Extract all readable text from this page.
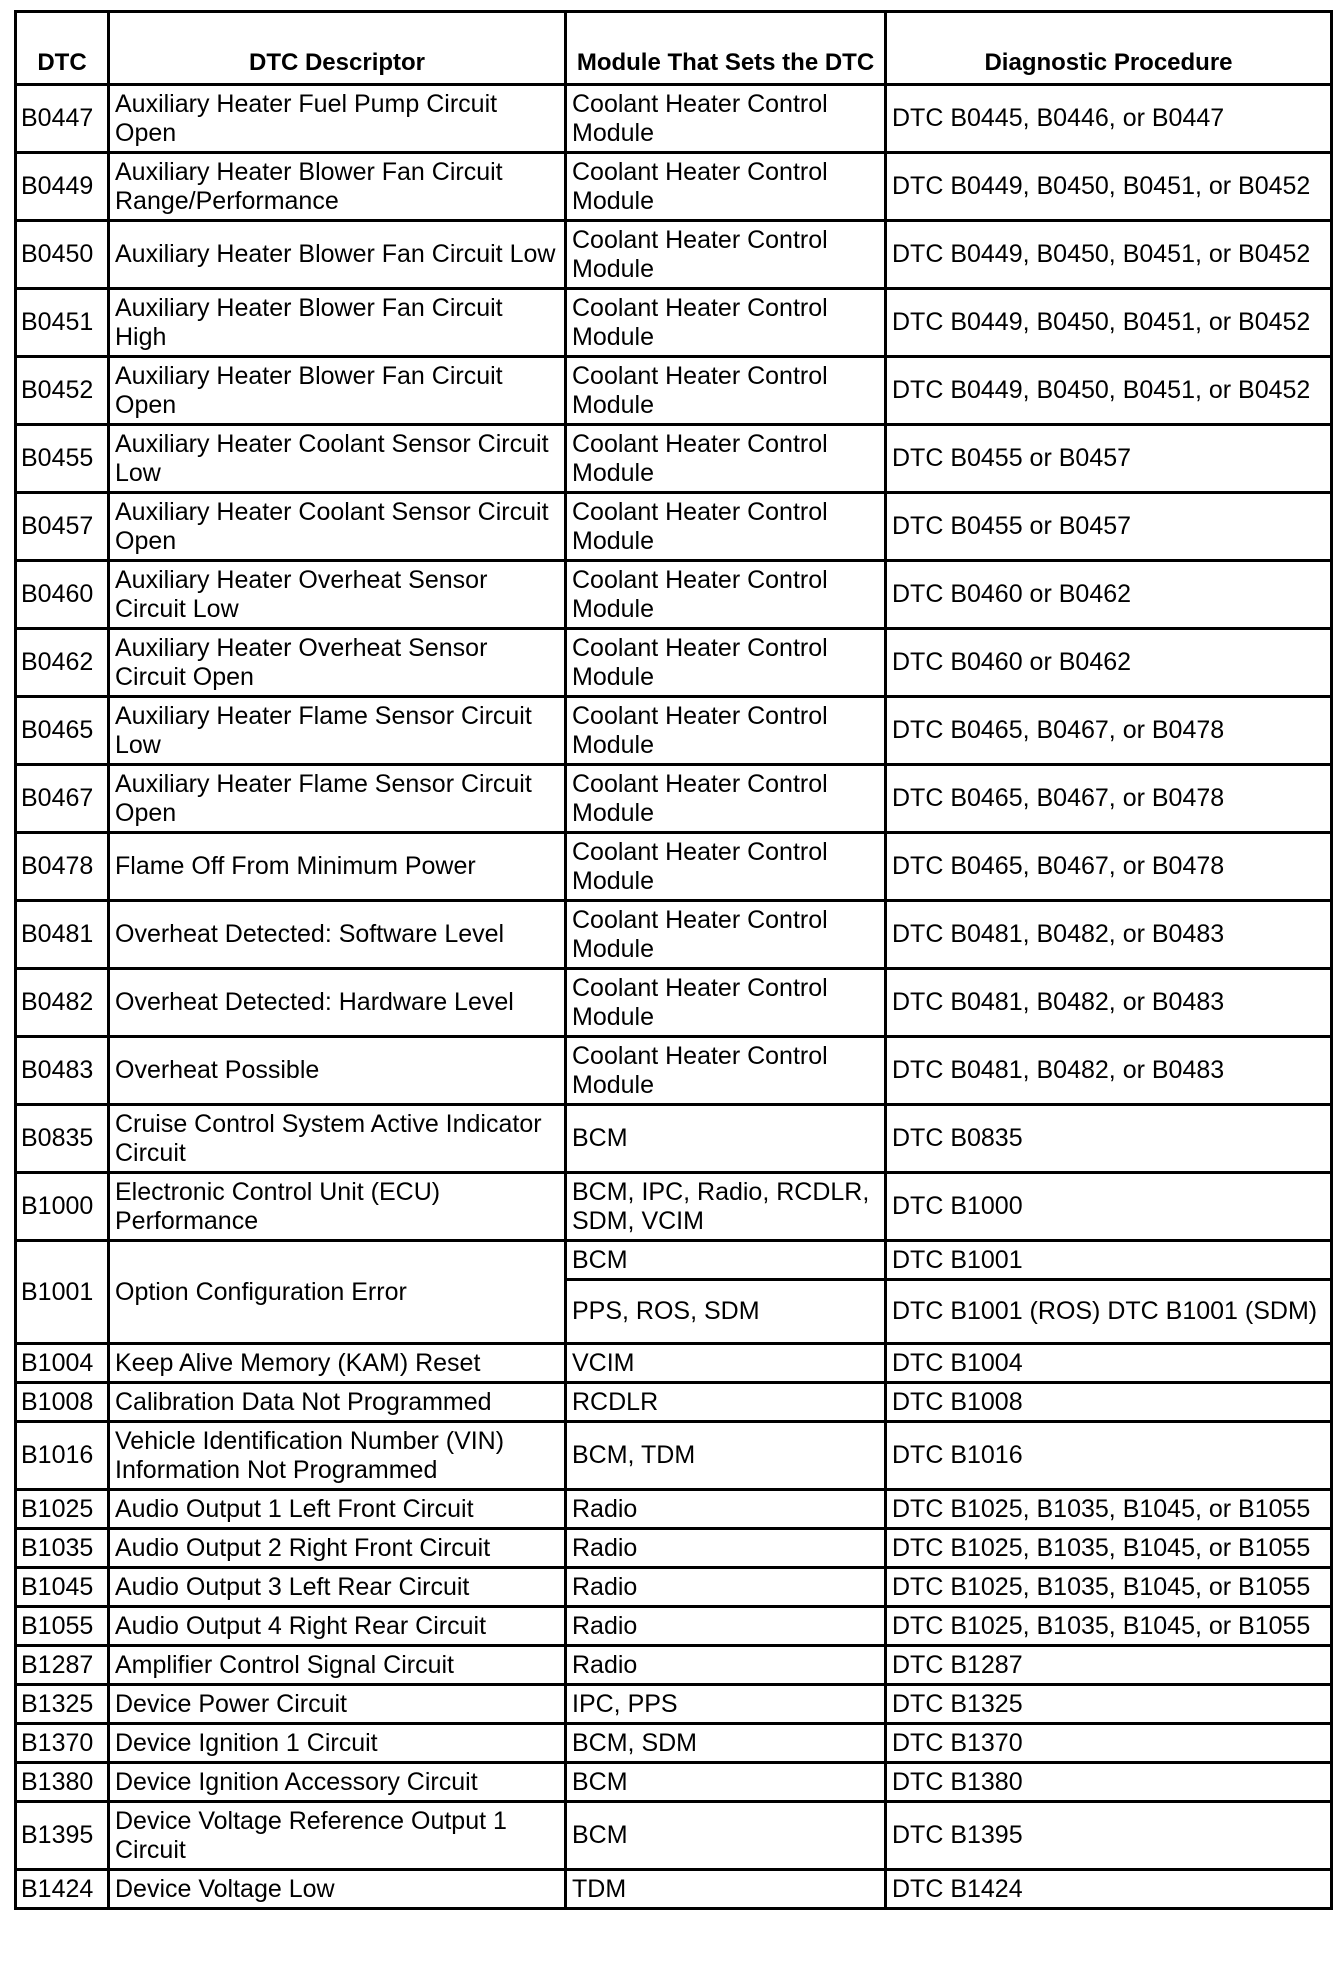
DTC	DTC Descriptor	Module That Sets the DTC	Diagnostic Procedure
B0447	Auxiliary Heater Fuel Pump Circuit Open	Coolant Heater Control Module	DTC B0445, B0446, or B0447
B0449	Auxiliary Heater Blower Fan Circuit Range/Performance	Coolant Heater Control Module	DTC B0449, B0450, B0451, or B0452
B0450	Auxiliary Heater Blower Fan Circuit Low	Coolant Heater Control Module	DTC B0449, B0450, B0451, or B0452
B0451	Auxiliary Heater Blower Fan Circuit High	Coolant Heater Control Module	DTC B0449, B0450, B0451, or B0452
B0452	Auxiliary Heater Blower Fan Circuit Open	Coolant Heater Control Module	DTC B0449, B0450, B0451, or B0452
B0455	Auxiliary Heater Coolant Sensor Circuit Low	Coolant Heater Control Module	DTC B0455 or B0457
B0457	Auxiliary Heater Coolant Sensor Circuit Open	Coolant Heater Control Module	DTC B0455 or B0457
B0460	Auxiliary Heater Overheat Sensor Circuit Low	Coolant Heater Control Module	DTC B0460 or B0462
B0462	Auxiliary Heater Overheat Sensor Circuit Open	Coolant Heater Control Module	DTC B0460 or B0462
B0465	Auxiliary Heater Flame Sensor Circuit Low	Coolant Heater Control Module	DTC B0465, B0467, or B0478
B0467	Auxiliary Heater Flame Sensor Circuit Open	Coolant Heater Control Module	DTC B0465, B0467, or B0478
B0478	Flame Off From Minimum Power	Coolant Heater Control Module	DTC B0465, B0467, or B0478
B0481	Overheat Detected: Software Level	Coolant Heater Control Module	DTC B0481, B0482, or B0483
B0482	Overheat Detected: Hardware Level	Coolant Heater Control Module	DTC B0481, B0482, or B0483
B0483	Overheat Possible	Coolant Heater Control Module	DTC B0481, B0482, or B0483
B0835	Cruise Control System Active Indicator Circuit	BCM	DTC B0835
B1000	Electronic Control Unit (ECU) Performance	BCM, IPC, Radio, RCDLR, SDM, VCIM	DTC B1000
B1001	Option Configuration Error	BCM	DTC B1001
		PPS, ROS, SDM	DTC B1001 (ROS) DTC B1001 (SDM)
B1004	Keep Alive Memory (KAM) Reset	VCIM	DTC B1004
B1008	Calibration Data Not Programmed	RCDLR	DTC B1008
B1016	Vehicle Identification Number (VIN) Information Not Programmed	BCM, TDM	DTC B1016
B1025	Audio Output 1 Left Front Circuit	Radio	DTC B1025, B1035, B1045, or B1055
B1035	Audio Output 2 Right Front Circuit	Radio	DTC B1025, B1035, B1045, or B1055
B1045	Audio Output 3 Left Rear Circuit	Radio	DTC B1025, B1035, B1045, or B1055
B1055	Audio Output 4 Right Rear Circuit	Radio	DTC B1025, B1035, B1045, or B1055
B1287	Amplifier Control Signal Circuit	Radio	DTC B1287
B1325	Device Power Circuit	IPC, PPS	DTC B1325
B1370	Device Ignition 1 Circuit	BCM, SDM	DTC B1370
B1380	Device Ignition Accessory Circuit	BCM	DTC B1380
B1395	Device Voltage Reference Output 1 Circuit	BCM	DTC B1395
B1424	Device Voltage Low	TDM	DTC B1424
